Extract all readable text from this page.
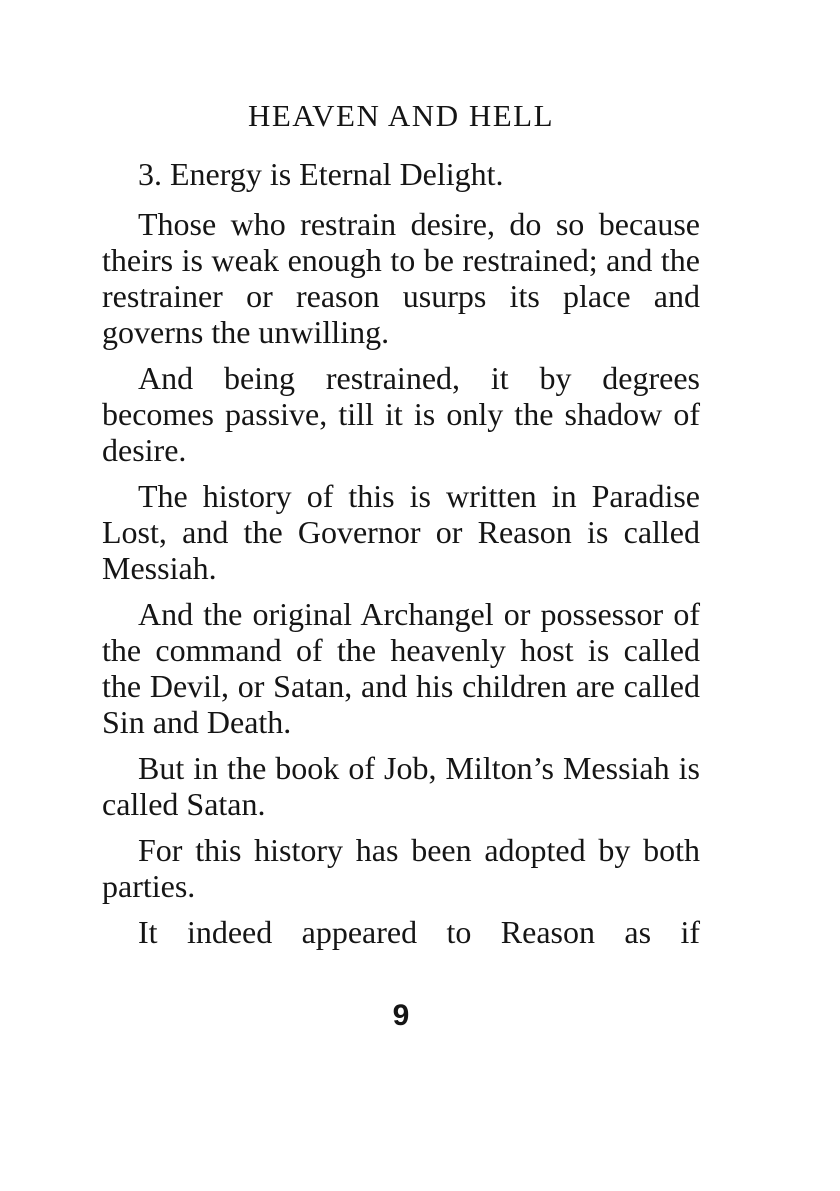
HEAVEN AND HELL

3. Energy is Eternal Delight.

Those who restrain desire, do so because theirs is weak enough to be restrained; and the restrainer or reason usurps its place and governs the unwilling.

And being restrained, it by degrees becomes passive, till it is only the shadow of desire.

The history of this is written in Paradise Lost, and the Governor or Reason is called Messiah.

And the original Archangel or possessor of the command of the heavenly host is called the Devil, or Satan, and his children are called Sin and Death.

But in the book of Job, Milton’s Messiah is called Satan.

For this history has been adopted by both parties.

It indeed appeared to Reason as if

9
